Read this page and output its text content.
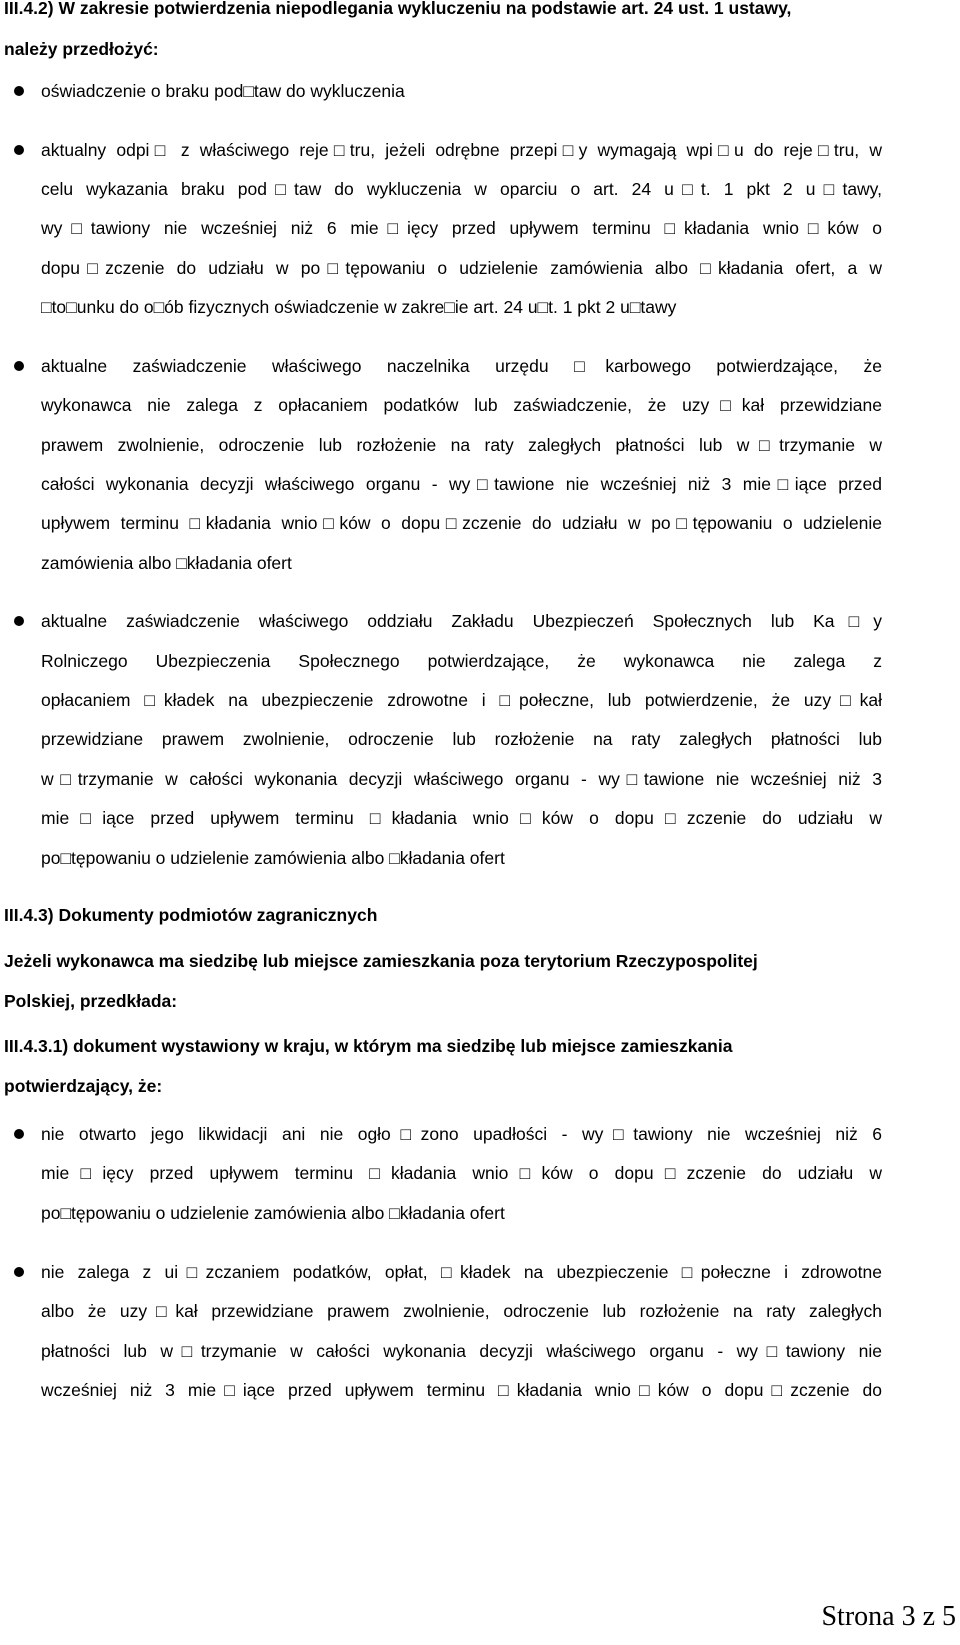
III.4.2) W zakresie potwierdzenia niepodlegania wykluczeniu na podstawie art. 24 ust. 1 ustawy,
należy przedłożyć:
oświadczenie o braku pod□taw do wykluczenia
aktualny odpi□ z właściwego reje□tru, jeżeli odrębne przepi□y wymagają wpi□u do reje□tru, w
celu wykazania braku pod□taw do wykluczenia w oparciu o art. 24 u□t. 1 pkt 2 u□tawy,
wy□tawiony nie wcześniej niż 6 mie□ięcy przed upływem terminu □kładania wnio□ków o
dopu□zczenie do udziału w po□tępowaniu o udzielenie zamówienia albo □kładania ofert, a w
□to□unku do o□ób fizycznych oświadczenie w zakre□ie art. 24 u□t. 1 pkt 2 u□tawy
aktualne zaświadczenie właściwego naczelnika urzędu □karbowego potwierdzające, że
wykonawca nie zalega z opłacaniem podatków lub zaświadczenie, że uzy□kał przewidziane
prawem zwolnienie, odroczenie lub rozłożenie na raty zaległych płatności lub w□trzymanie w
całości wykonania decyzji właściwego organu - wy□tawione nie wcześniej niż 3 mie□iące przed
upływem terminu □kładania wnio□ków o dopu□zczenie do udziału w po□tępowaniu o udzielenie
zamówienia albo □kładania ofert
aktualne zaświadczenie właściwego oddziału Zakładu Ubezpieczeń Społecznych lub Ka□y
Rolniczego Ubezpieczenia Społecznego potwierdzające, że wykonawca nie zalega z
opłacaniem □kładek na ubezpieczenie zdrowotne i □połeczne, lub potwierdzenie, że uzy□kał
przewidziane prawem zwolnienie, odroczenie lub rozłożenie na raty zaległych płatności lub
w□trzymanie w całości wykonania decyzji właściwego organu - wy□tawione nie wcześniej niż 3
mie□iące przed upływem terminu □kładania wnio□ków o dopu□zczenie do udziału w
po□tępowaniu o udzielenie zamówienia albo □kładania ofert
III.4.3) Dokumenty podmiotów zagranicznych
Jeżeli wykonawca ma siedzibę lub miejsce zamieszkania poza terytorium Rzeczypospolitej
Polskiej, przedkłada:
III.4.3.1) dokument wystawiony w kraju, w którym ma siedzibę lub miejsce zamieszkania
potwierdzający, że:
nie otwarto jego likwidacji ani nie ogło□zono upadłości - wy□tawiony nie wcześniej niż 6
mie□ięcy przed upływem terminu □kładania wnio□ków o dopu□zczenie do udziału w
po□tępowaniu o udzielenie zamówienia albo □kładania ofert
nie zalega z ui□zczaniem podatków, opłat, □kładek na ubezpieczenie □połeczne i zdrowotne
albo że uzy□kał przewidziane prawem zwolnienie, odroczenie lub rozłożenie na raty zaległych
płatności lub w□trzymanie w całości wykonania decyzji właściwego organu - wy□tawiony nie
wcześniej niż 3 mie□iące przed upływem terminu □kładania wnio□ków o dopu□zczenie do
Strona 3 z 5
